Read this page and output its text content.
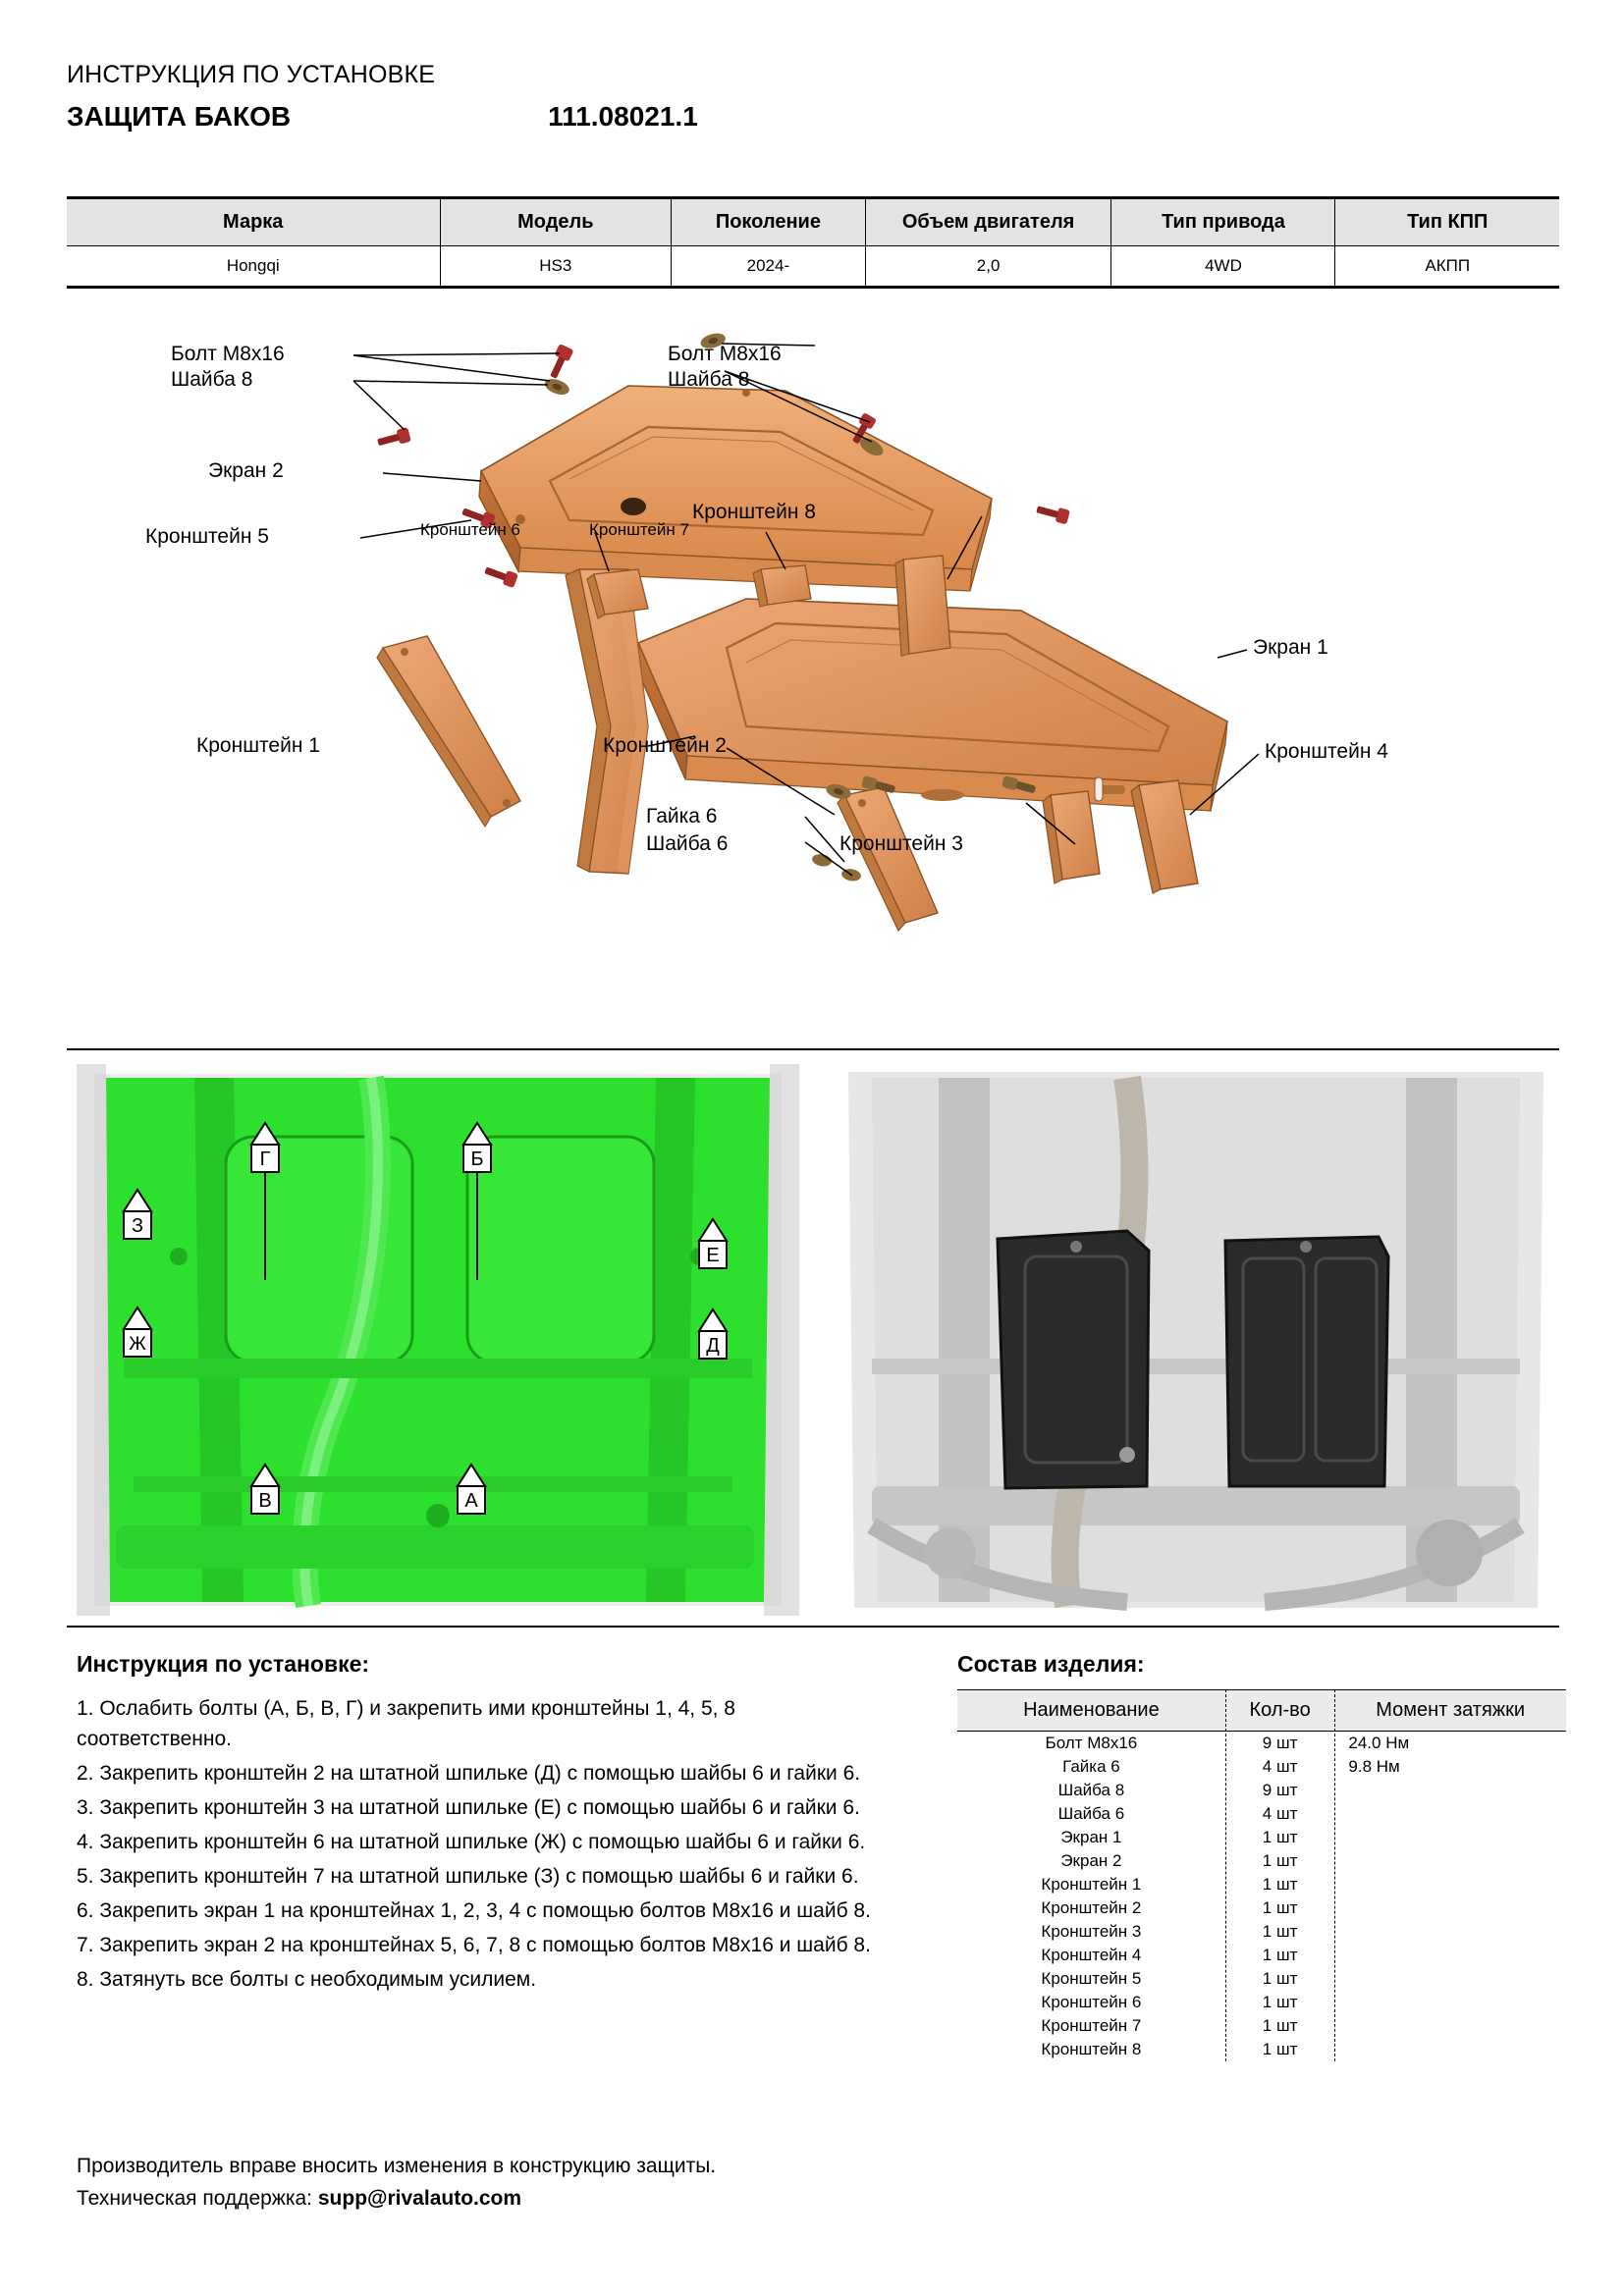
ИНСТРУКЦИЯ ПО УСТАНОВКЕ
ЗАЩИТА БАКОВ	111.08021.1
Марка	Модель	Поколение	Объем двигателя	Тип привода	Тип КПП
Hongqi	HS3	2024-	2,0	4WD	АКПП
Болт M8x16
Шайба 8
Болт M8x16
Шайба 8
Экран 2
Кронштейн 5	Кронштейн 6	Кронштейн 7
Кронштейн 8
Экран 1
Кронштейн 1	Кронштейн 2
Гайка 6
Шайба 6	Кронштейн 3
Кронштейн 4
Г	Б
З
Ж
Е
Д
В	А
Инструкция по установке:

1. Ослабить болты (А, Б, В, Г) и закрепить ими кронштейны 1, 4, 5, 8 соответственно.

2. Закрепить кронштейн 2 на штатной шпильке (Д) с помощью шайбы 6 и гайки 6.

3. Закрепить кронштейн 3 на штатной шпильке (Е) с помощью шайбы 6 и гайки 6.

4. Закрепить кронштейн 6 на штатной шпильке (Ж) с помощью шайбы 6 и гайки 6.

5. Закрепить кронштейн 7 на штатной шпильке (З) с помощью шайбы 6 и гайки 6.

6. Закрепить экран 1 на кронштейнах 1, 2, 3, 4 с помощью болтов M8x16 и шайб 8.

7. Закрепить экран 2 на кронштейнах 5, 6, 7, 8 с помощью болтов M8x16 и шайб 8.

8. Затянуть все болты с необходимым усилием.

Состав изделия:
Наименование	Кол-во	Момент затяжки
Болт M8x16	9 шт	24.0 Нм
Гайка 6	4 шт	9.8 Нм
Шайба 8	9 шт	
Шайба 6	4 шт	
Экран 1	1 шт	
Экран 2	1 шт	
Кронштейн 1	1 шт	
Кронштейн 2	1 шт	
Кронштейн 3	1 шт	
Кронштейн 4	1 шт	
Кронштейн 5	1 шт	
Кронштейн 6	1 шт	
Кронштейн 7	1 шт	
Кронштейн 8	1 шт	
Производитель вправе вносить изменения в конструкцию защиты.
Техническая поддержка: supp@rivalauto.com
